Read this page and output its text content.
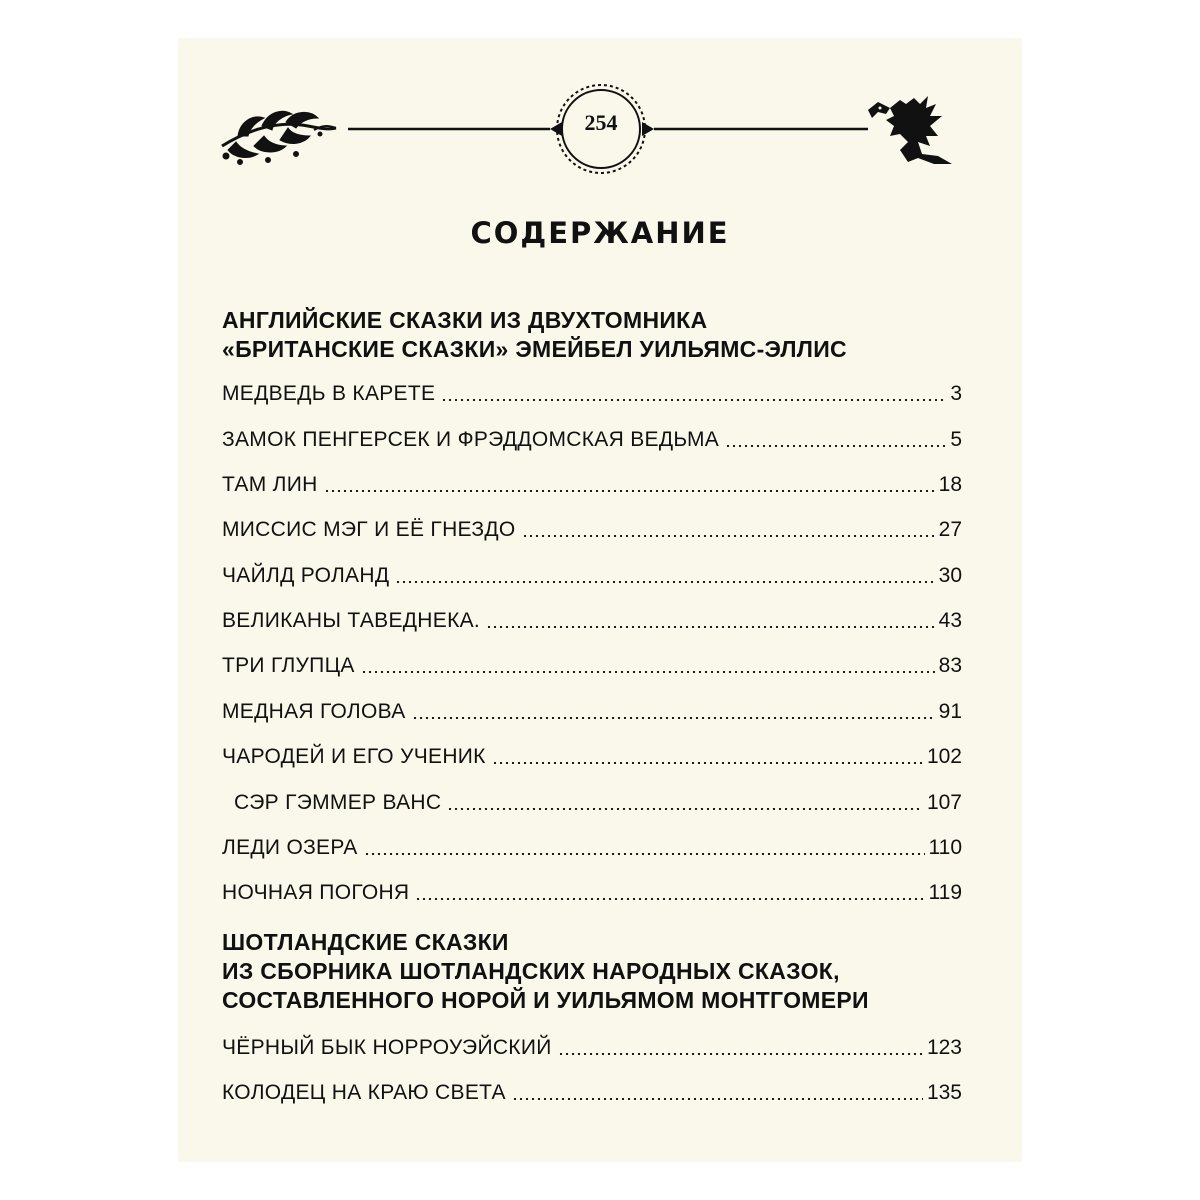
254
СОДЕРЖАНИЕ
АНГЛИЙСКИЕ СКАЗКИ ИЗ ДВУХТОМНИКА
«БРИТАНСКИЕ СКАЗКИ» ЭМЕЙБЕЛ УИЛЬЯМС-ЭЛЛИС
МЕДВЕДЬ В КАРЕТЕ	3
ЗАМОК ПЕНГЕРСЕК И ФРЭДДОМСКАЯ ВЕДЬМА	5
ТАМ ЛИН	18
МИССИС МЭГ И ЕЁ ГНЕЗДО	27
ЧАЙЛД РОЛАНД	30
ВЕЛИКАНЫ ТАВЕДНЕКА.	43
ТРИ ГЛУПЦА	83
МЕДНАЯ ГОЛОВА	91
ЧАРОДЕЙ И ЕГО УЧЕНИК	102
СЭР ГЭММЕР ВАНС	107
ЛЕДИ ОЗЕРА	110
НОЧНАЯ ПОГОНЯ	119
ШОТЛАНДСКИЕ СКАЗКИ
ИЗ СБОРНИКА ШОТЛАНДСКИХ НАРОДНЫХ СКАЗОК,
СОСТАВЛЕННОГО НОРОЙ И УИЛЬЯМОМ МОНТГОМЕРИ
ЧЁРНЫЙ БЫК НОРРОУЭЙСКИЙ	123
КОЛОДЕЦ НА КРАЮ СВЕТА	135
